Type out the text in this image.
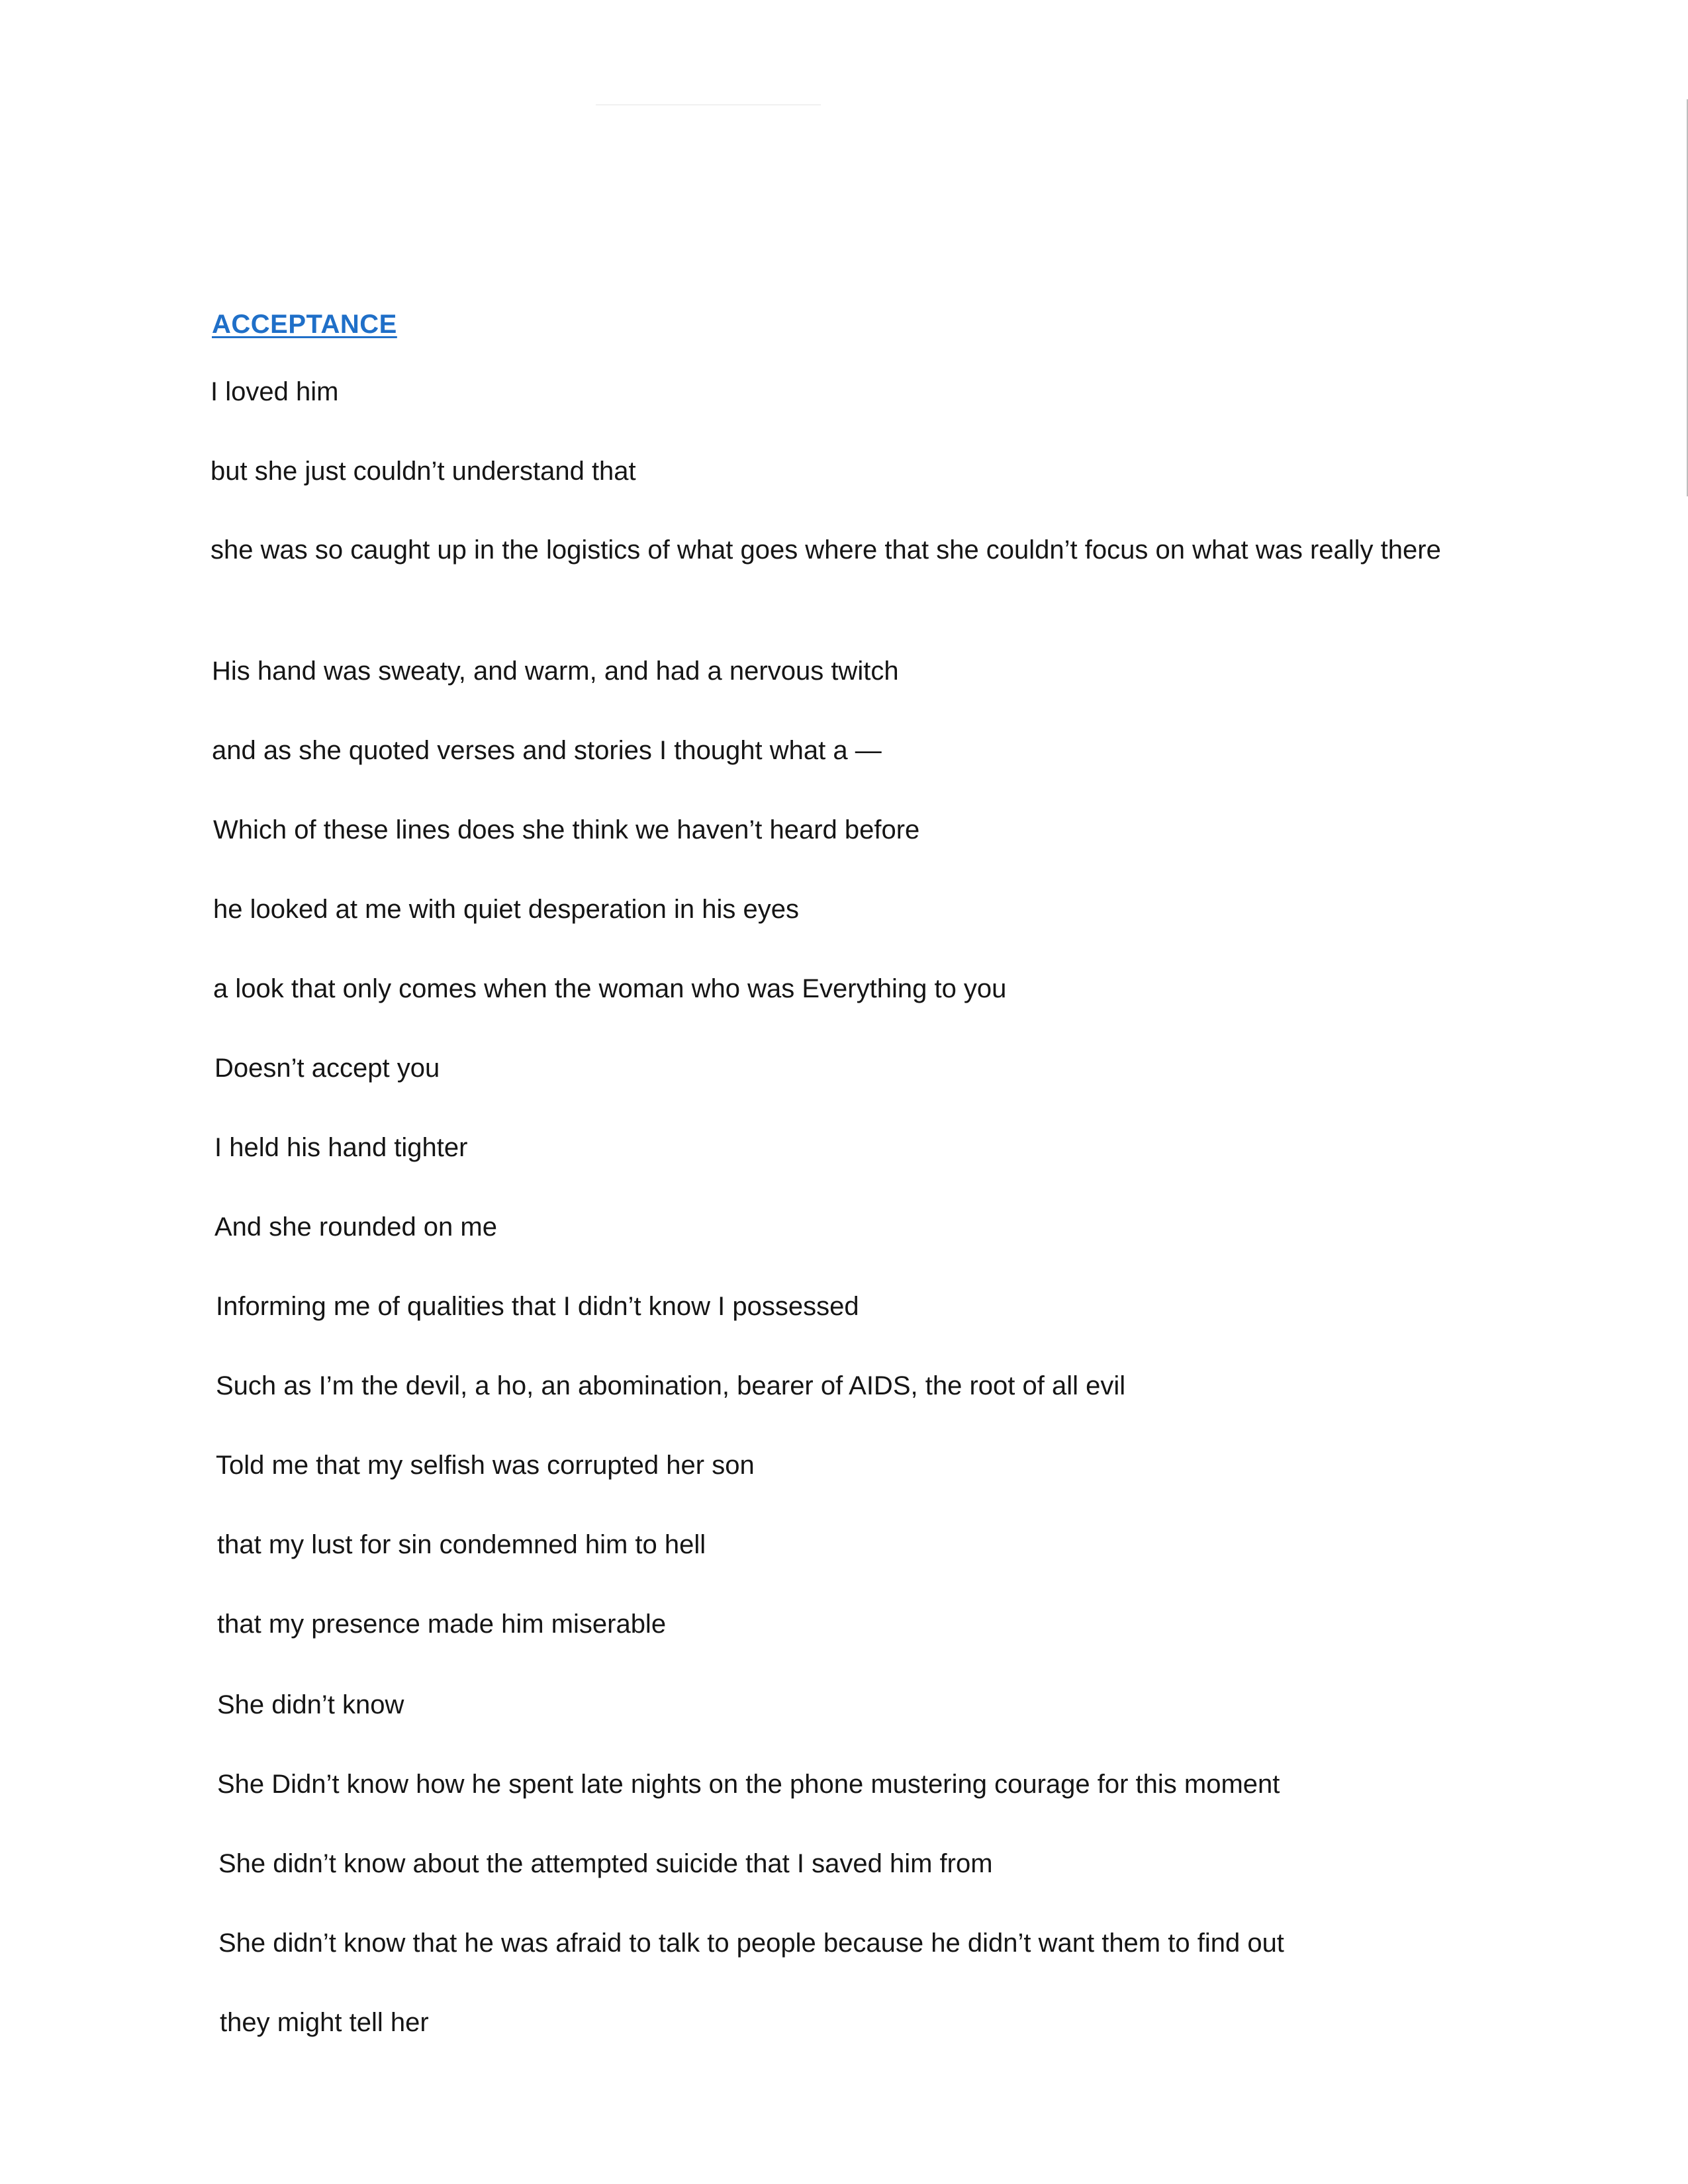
ACCEPTANCE
I loved him
but she just couldn’t understand that
she was so caught up in the logistics of what goes where that she couldn’t focus on what was really there
His hand was sweaty, and warm, and had a nervous twitch
and as she quoted verses and stories I thought what a —
Which of these lines does she think we haven’t heard before
he looked at me with quiet desperation in his eyes
a look that only comes when the woman who was Everything to you
Doesn’t accept you
I held his hand tighter
And she rounded on me
Informing me of qualities that I didn’t know I possessed
Such as I’m the devil, a ho, an abomination, bearer of AIDS, the root of all evil
Told me that my selfish was corrupted her son
that my lust for sin condemned him to hell
that my presence made him miserable
She didn’t know
She Didn’t know how he spent late nights on the phone mustering courage for this moment
She didn’t know about the attempted suicide that I saved him from
She didn’t know that he was afraid to talk to people because he didn’t want them to find out
they might tell her
